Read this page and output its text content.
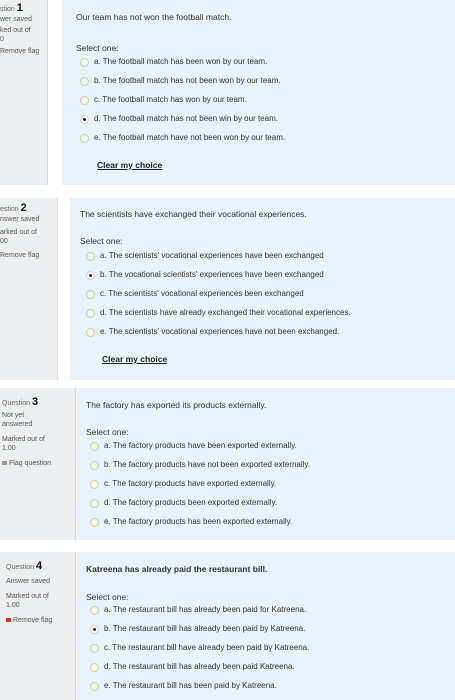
stion 1
wer saved
ked out of
0
Remove flag
Our team has not won the football match.
Select one:
a. The football match has been won by our team.
b. The football match has not been won by our team.
c. The football match has won by our team.
d. The football match has not been win by our team.
e. The football match have not been won by our team.
Clear my choice
estion 2
nswer saved
arked out of
00
Remove flag
The scientists have exchanged their vocational experiences.
Select one:
a. The scientists' vocational experiences have been exchanged
b. The vocational scientists' experiences have been exchanged
c. The scientists' vocational experiences been exchanged
d. The scientists have already exchanged their vocational experiences.
e. The scientists' vocational experiences have not been exchanged.
Clear my choice
Question 3
Not yet answered
Marked out of
1.00
Flag question
The factory has exported its products externally.
Select one:
a. The factory products have been exported externally.
b. The factory products have not been exported externally.
c. The factory products have exported externally.
d. The factory products been exported externally.
e. The factory products has been exported externally.
Question 4
Answer saved
Marked out of
1.00
Remove flag
Katreena has already paid the restaurant bill.
Select one:
a. The restaurant bill has already been paid for Katreena.
b. The restaurant bill has already been paid by Katreena.
c. The restaurant bill have already been paid by Katreena.
d. The restaurant bill has already been paid Katreena.
e. The restaurant bill has been paid by Katreena.
